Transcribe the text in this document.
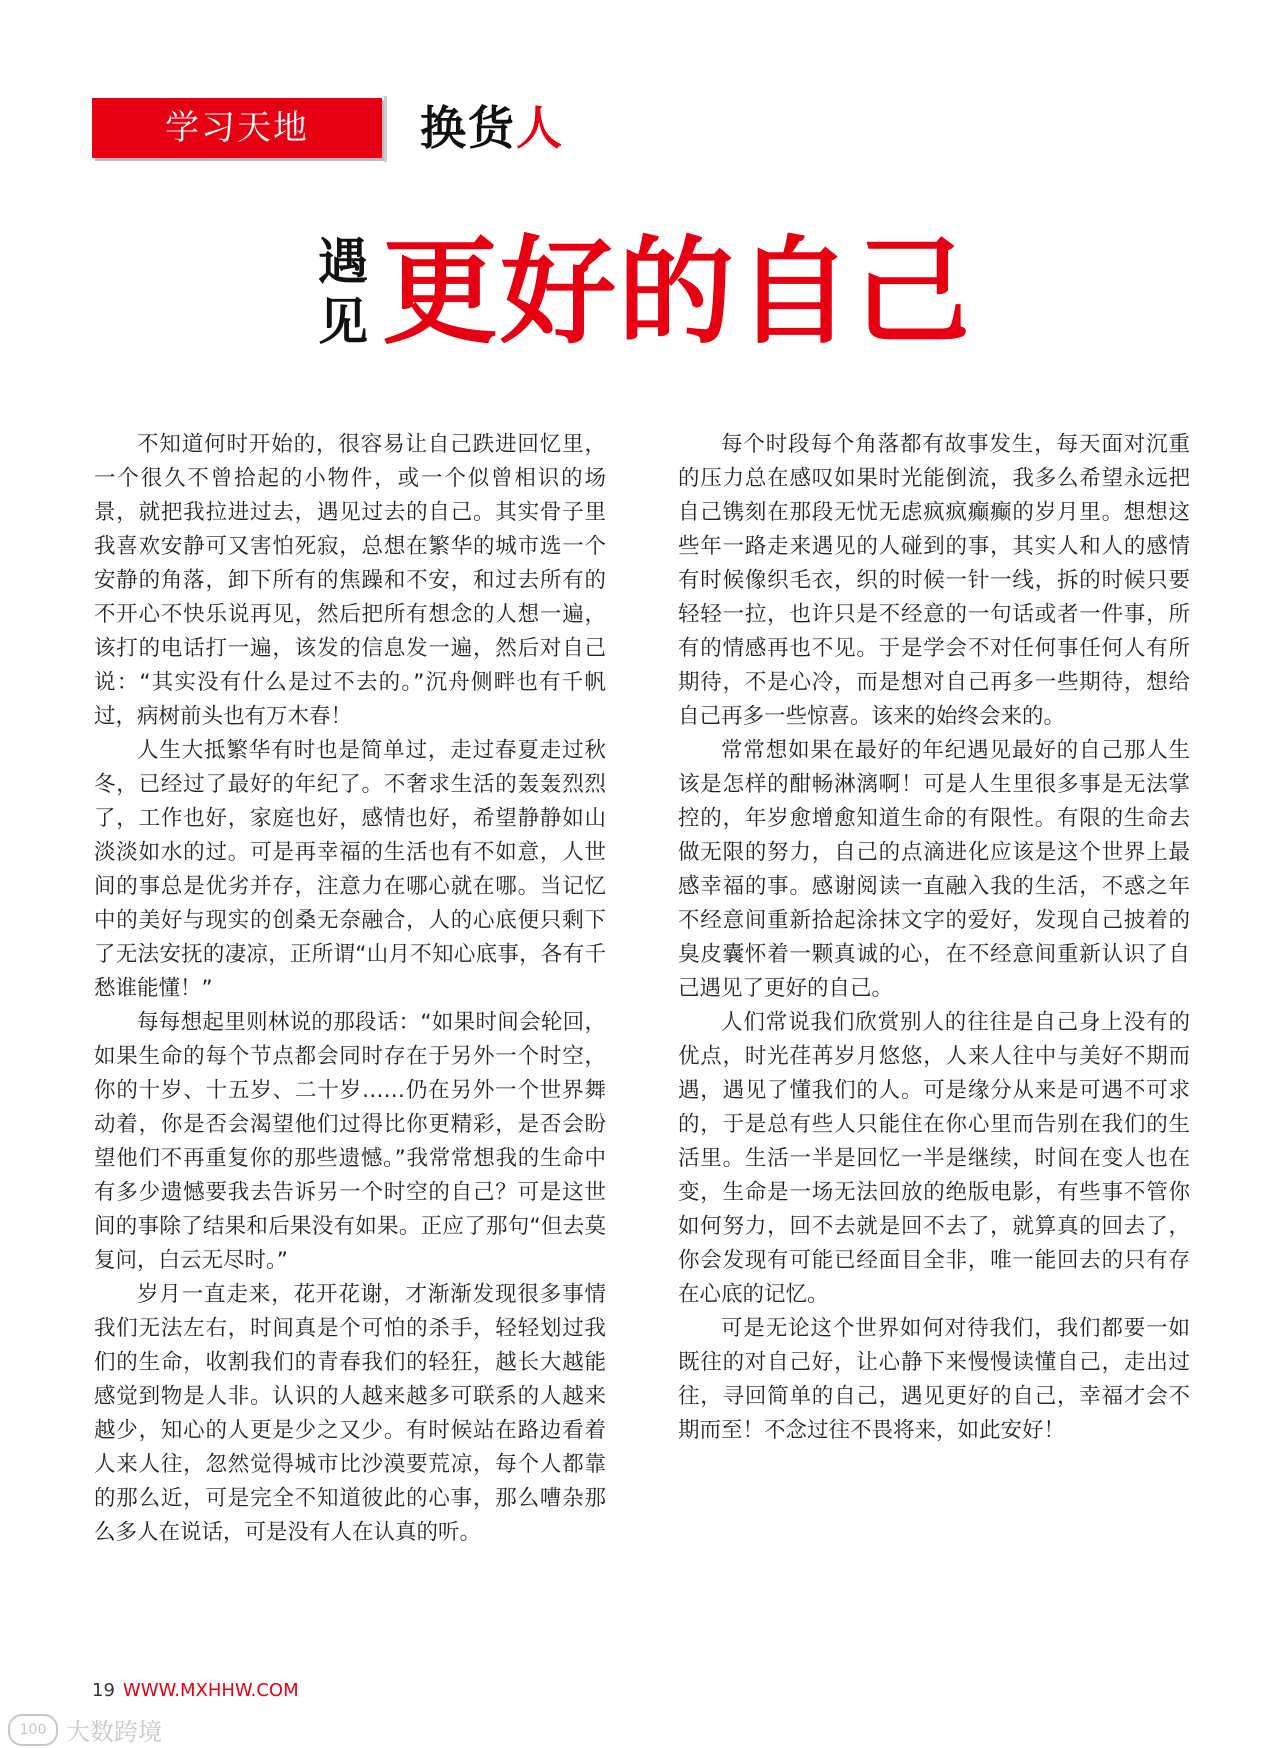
学习天地	换货人
遇
见 更好的自己

不知道何时开始的，很容易让自己跌进回忆里，一个很久不曾拾起的小物件，或一个似曾相识的场景，就把我拉进过去，遇见过去的自己。其实骨子里我喜欢安静可又害怕死寂，总想在繁华的城市选一个安静的角落，卸下所有的焦躁和不安，和过去所有的不开心不快乐说再见，然后把所有想念的人想一遍，该打的电话打一遍，该发的信息发一遍，然后对自己说：“其实没有什么是过不去的。”沉舟侧畔也有千帆过，病树前头也有万木春！

人生大抵繁华有时也是简单过，走过春夏走过秋冬，已经过了最好的年纪了。不奢求生活的轰轰烈烈了，工作也好，家庭也好，感情也好，希望静静如山淡淡如水的过。可是再幸福的生活也有不如意，人世间的事总是优劣并存，注意力在哪心就在哪。当记忆中的美好与现实的创桑无奈融合，人的心底便只剩下了无法安抚的凄凉，正所谓“山月不知心底事，各有千愁谁能懂！”

每每想起里则林说的那段话：“如果时间会轮回，如果生命的每个节点都会同时存在于另外一个时空，你的十岁、十五岁、二十岁……仍在另外一个世界舞动着，你是否会渴望他们过得比你更精彩，是否会盼望他们不再重复你的那些遗憾。”我常常想我的生命中有多少遗憾要我去告诉另一个时空的自己？可是这世间的事除了结果和后果没有如果。正应了那句“但去莫复问，白云无尽时。”

岁月一直走来，花开花谢，才渐渐发现很多事情我们无法左右，时间真是个可怕的杀手，轻轻划过我们的生命，收割我们的青春我们的轻狂，越长大越能感觉到物是人非。认识的人越来越多可联系的人越来越少，知心的人更是少之又少。有时候站在路边看着人来人往，忽然觉得城市比沙漠要荒凉，每个人都靠的那么近，可是完全不知道彼此的心事，那么嘈杂那么多人在说话，可是没有人在认真的听。

每个时段每个角落都有故事发生，每天面对沉重的压力总在感叹如果时光能倒流，我多么希望永远把自己镌刻在那段无忧无虑疯疯癫癫的岁月里。想想这些年一路走来遇见的人碰到的事，其实人和人的感情有时候像织毛衣，织的时候一针一线，拆的时候只要轻轻一拉，也许只是不经意的一句话或者一件事，所有的情感再也不见。于是学会不对任何事任何人有所期待，不是心冷，而是想对自己再多一些期待，想给自己再多一些惊喜。该来的始终会来的。

常常想如果在最好的年纪遇见最好的自己那人生该是怎样的酣畅淋漓啊！可是人生里很多事是无法掌控的，年岁愈增愈知道生命的有限性。有限的生命去做无限的努力，自己的点滴进化应该是这个世界上最感幸福的事。感谢阅读一直融入我的生活，不惑之年不经意间重新拾起涂抹文字的爱好，发现自己披着的臭皮囊怀着一颗真诚的心，在不经意间重新认识了自己遇见了更好的自己。

人们常说我们欣赏别人的往往是自己身上没有的优点，时光荏苒岁月悠悠，人来人往中与美好不期而遇，遇见了懂我们的人。可是缘分从来是可遇不可求的，于是总有些人只能住在你心里而告别在我们的生活里。生活一半是回忆一半是继续，时间在变人也在变，生命是一场无法回放的绝版电影，有些事不管你如何努力，回不去就是回不去了，就算真的回去了，你会发现有可能已经面目全非，唯一能回去的只有存在心底的记忆。

可是无论这个世界如何对待我们，我们都要一如既往的对自己好，让心静下来慢慢读懂自己，走出过往，寻回简单的自己，遇见更好的自己，幸福才会不期而至！不念过往不畏将来，如此安好！

19 WWW.MXHHW.COM
100 大数跨境
